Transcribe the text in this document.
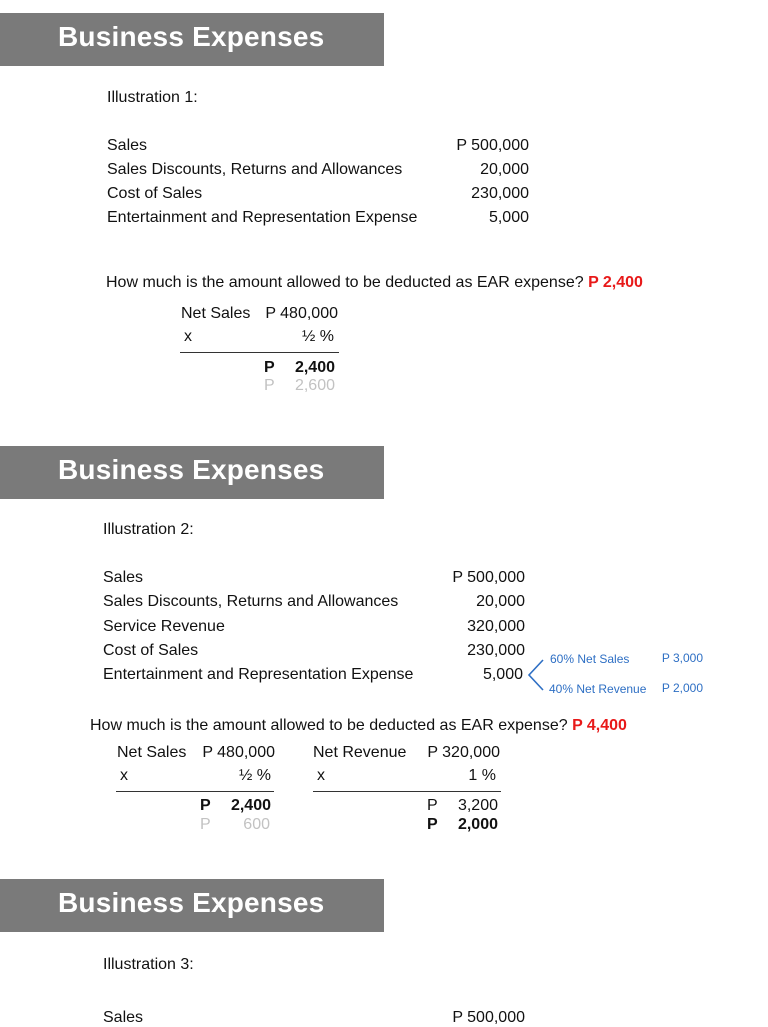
Business Expenses
Illustration 1:
Sales	P 500,000
Sales Discounts, Returns and Allowances	20,000
Cost of Sales	230,000
Entertainment and Representation Expense	5,000
How much is the amount allowed to be deducted as EAR expense? P 2,400
Net Sales P 480,000
x	½ %
P 2,400
P 2,600
Business Expenses
Illustration 2:
Sales	P 500,000
Sales Discounts, Returns and Allowances	20,000
Service Revenue	320,000
Cost of Sales	230,000
Entertainment and Representation Expense	5,000
60% Net Sales	P 3,000
40% Net Revenue P 2,000
How much is the amount allowed to be deducted as EAR expense? P 4,400
Net Sales P 480,000
x	½ %
P 2,400
P 600
Net Revenue P 320,000
x	1 %
P 3,200
P 2,000
Business Expenses
Illustration 3:
Sales	P 500,000
